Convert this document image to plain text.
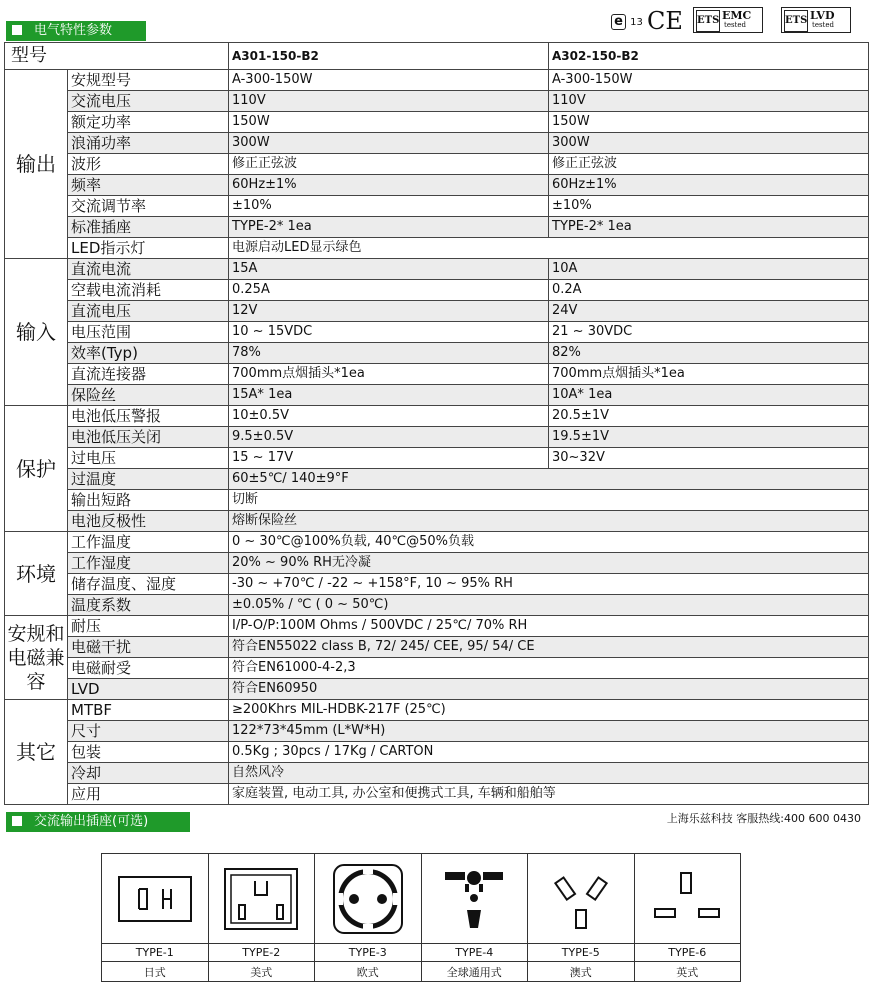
电气特性参数
e 13 CE ETS EMC
tested	ETS LVD
tested
型号		A301-150-B2	A302-150-B2
输出	安规型号	A-300-150W	A-300-150W
	交流电压	110V	110V
	额定功率	150W	150W
	浪涌功率	300W	300W
	波形	修正正弦波	修正正弦波
	频率	60Hz±1%	60Hz±1%
	交流调节率	±10%	±10%
	标准插座	TYPE-2* 1ea	TYPE-2* 1ea
	LED指示灯	电源启动LED显示绿色	
输入	直流电流	15A	10A
	空载电流消耗	0.25A	0.2A
	直流电压	12V	24V
	电压范围	10 ~ 15VDC	21 ~ 30VDC
	效率(Typ)	78%	82%
	直流连接器	700mm点烟插头*1ea	700mm点烟插头*1ea
	保险丝	15A* 1ea	10A* 1ea
保护	电池低压警报	10±0.5V	20.5±1V
	电池低压关闭	9.5±0.5V	19.5±1V
	过电压	15 ~ 17V	30~32V
	过温度	60±5℃/ 140±9°F	
	输出短路	切断	
	电池反极性	熔断保险丝	
环境	工作温度	0 ~ 30℃@100%负载, 40℃@50%负载	
	工作湿度	20% ~ 90% RH无冷凝	
	储存温度、湿度	-30 ~ +70℃ / -22 ~ +158°F, 10 ~ 95% RH	
	温度系数	±0.05% / ℃ ( 0 ~ 50℃)	
安规和电磁兼容	耐压	I/P-O/P:100M Ohms / 500VDC / 25℃/ 70% RH	
	电磁干扰	符合EN55022 class B, 72/ 245/ CEE, 95/ 54/ CE	
	电磁耐受	符合EN61000-4-2,3	
	LVD	符合EN60950	
其它	MTBF	≥200Khrs MIL-HDBK-217F (25℃)	
	尺寸	122*73*45mm (L*W*H)	
	包装	0.5Kg ; 30pcs / 17Kg / CARTON	
	冷却	自然风冷	
	应用	家庭装置, 电动工具, 办公室和便携式工具, 车辆和船舶等	
交流输出插座(可选)	上海乐兹科技 客服热线:400 600 0430

TYPE-1	TYPE-2	TYPE-3	TYPE-4	TYPE-5	TYPE-6
日式	美式	欧式	全球通用式	澳式	英式
